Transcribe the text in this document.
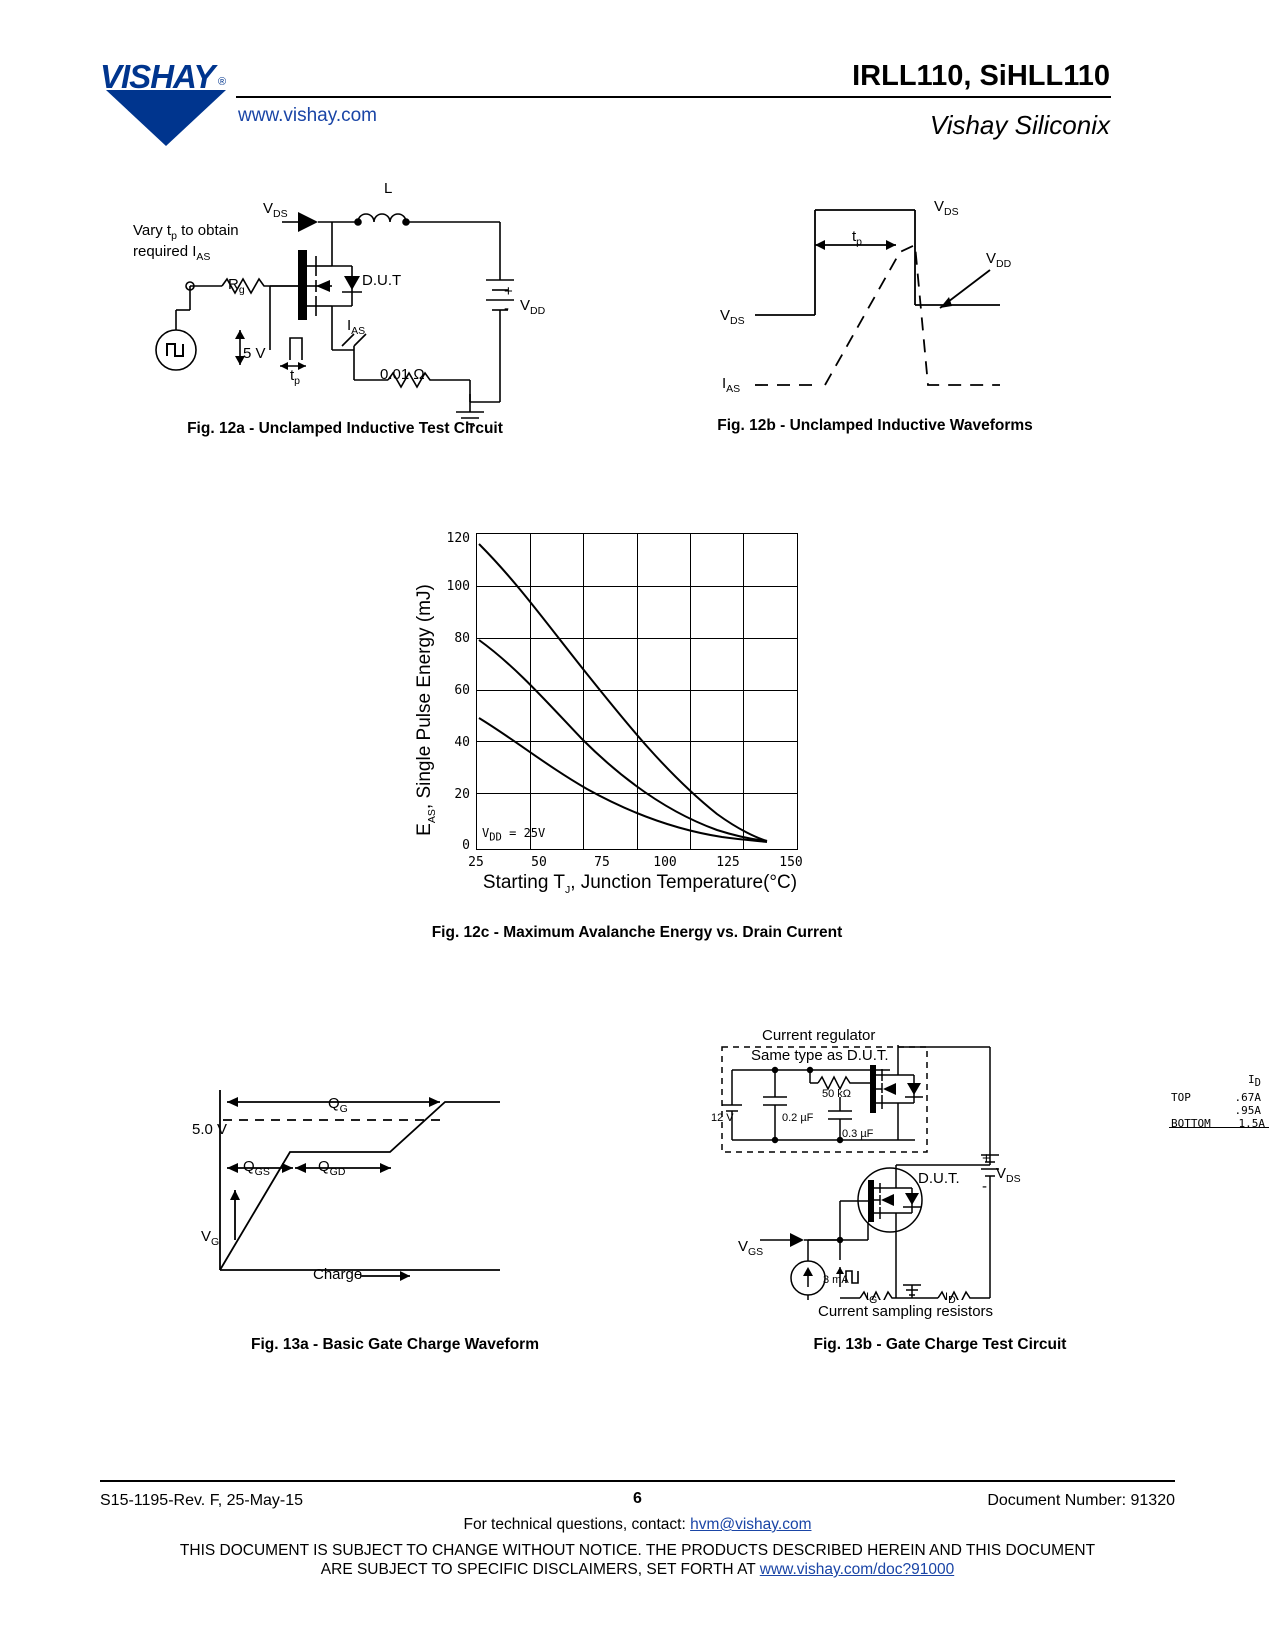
VISHAY ®
www.vishay.com
IRLL110, SiHLL110
Vishay Siliconix
Vary $t_p$ to obtain
required $I_{AS}$
$V_{DS}$
L
D.U.T
$R_g$
5 V
$t_p$
$I_{AS}$
0.01 Ω
+
- $V_{DD}$
Fig. 12a - Unclamped Inductive Test Circuit
$t_p$
$V_{DS}$
$V_{DD}$
$V_{DS}$
$I_{AS}$
Fig. 12b - Unclamped Inductive Waveforms
120
100
80
60
40
20
0
25	50	75	100	125	150
ID
TOP	.67A
.95A
BOTTOM	1.5A
VDD = 25V
$E_{AS}$, Single Pulse Energy (mJ)
Starting $T_J$, Junction Temperature(°C)
Fig. 12c - Maximum Avalanche Energy vs. Drain Current
$Q_G$
$Q_{GS}$	$Q_{GD}$
5.0 V
$V_G$
Charge
Fig. 13a - Basic Gate Charge Waveform
Current regulator
Same type as D.U.T.
12 V	0.2 µF
50 kΩ
0.3 µF
D.U.T.
+
-
$V_{DS}$
$V_{GS}$
3 mA
IG	ID
Current sampling resistors
Fig. 13b - Gate Charge Test Circuit
S15-1195-Rev. F, 25-May-15	6	Document Number: 91320
For technical questions, contact: hvm@vishay.com
THIS DOCUMENT IS SUBJECT TO CHANGE WITHOUT NOTICE. THE PRODUCTS DESCRIBED HEREIN AND THIS DOCUMENT
ARE SUBJECT TO SPECIFIC DISCLAIMERS, SET FORTH AT www.vishay.com/doc?91000
